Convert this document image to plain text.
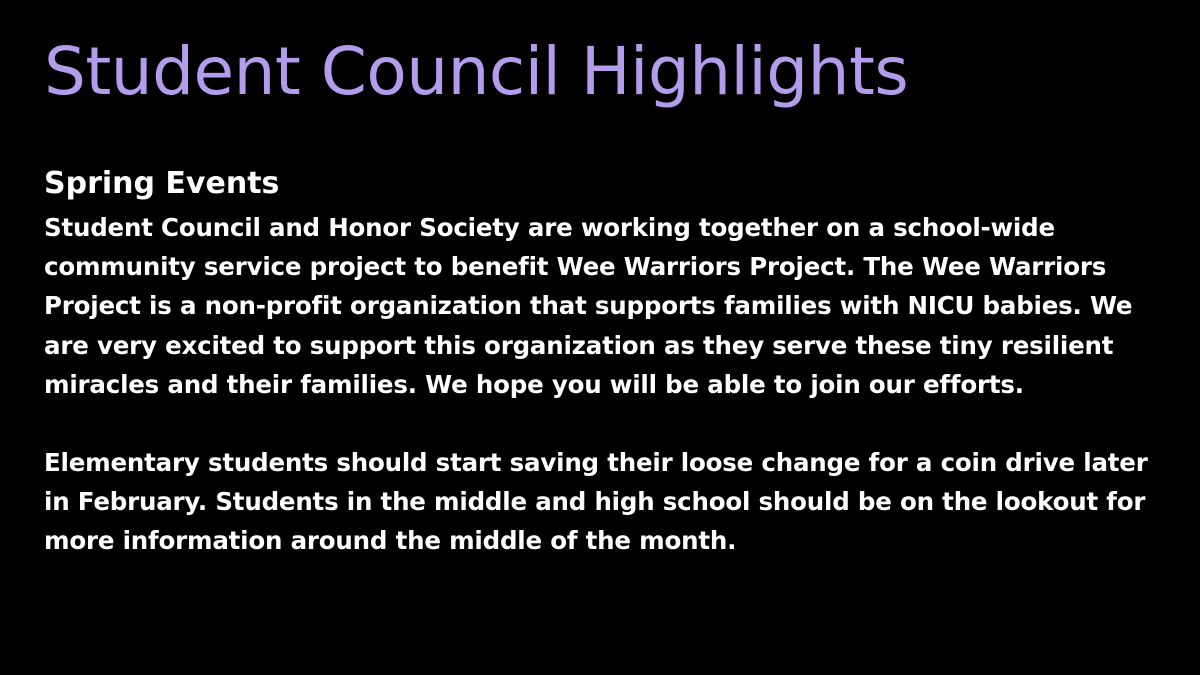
Student Council Highlights
Spring Events

Student Council and Honor Society are working together on a school-wide community service project to benefit Wee Warriors Project. The Wee Warriors Project is a non-profit organization that supports families with NICU babies. We are very excited to support this organization as they serve these tiny resilient miracles and their families. We hope you will be able to join our efforts.

Elementary students should start saving their loose change for a coin drive later in February. Students in the middle and high school should be on the lookout for more information around the middle of the month.
